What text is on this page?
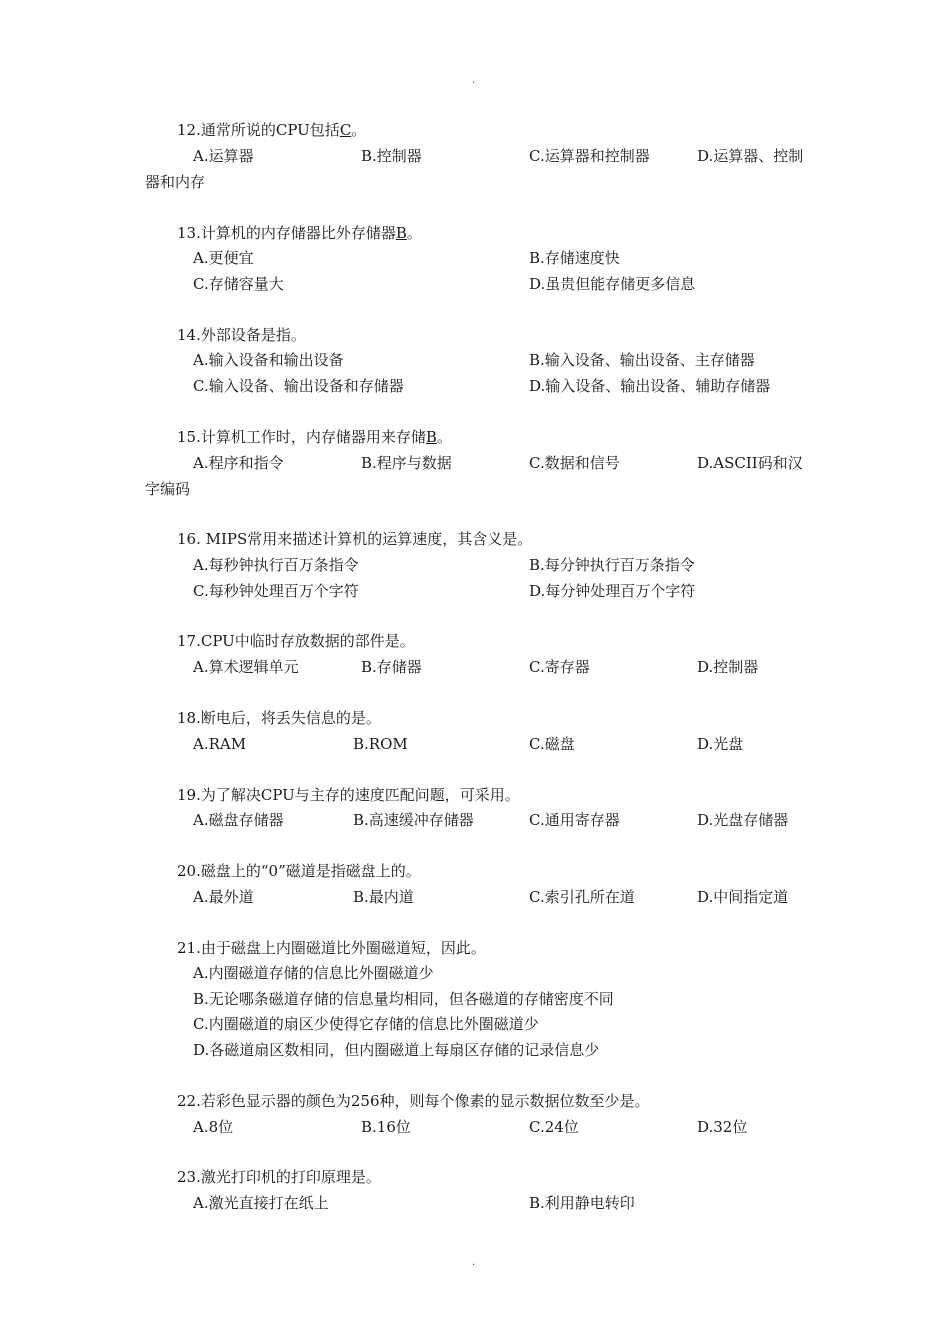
.
12.通常所说的CPU包括C。
A.运算器	B.控制器	C.运算器和控制器	D.运算器、控制
器和内存
13.计算机的内存储器比外存储器B。
A.更便宜	B.存储速度快
C.存储容量大	D.虽贵但能存储更多信息
14.外部设备是指。
A.输入设备和输出设备	B.输入设备、输出设备、主存储器
C.输入设备、输出设备和存储器	D.输入设备、输出设备、辅助存储器
15.计算机工作时，内存储器用来存储B。
A.程序和指令	B.程序与数据	C.数据和信号	D.ASCII码和汉
字编码
16. MIPS常用来描述计算机的运算速度，其含义是。
A.每秒钟执行百万条指令	B.每分钟执行百万条指令
C.每秒钟处理百万个字符	D.每分钟处理百万个字符
17.CPU中临时存放数据的部件是。
A.算术逻辑单元	B.存储器	C.寄存器	D.控制器
18.断电后，将丢失信息的是。
A.RAM	B.ROM	C.磁盘	D.光盘
19.为了解决CPU与主存的速度匹配问题，可采用。
A.磁盘存储器	B.高速缓冲存储器	C.通用寄存器	D.光盘存储器
20.磁盘上的“0”磁道是指磁盘上的。
A.最外道	B.最内道	C.索引孔所在道	D.中间指定道
21.由于磁盘上内圈磁道比外圈磁道短，因此。
A.内圈磁道存储的信息比外圈磁道少
B.无论哪条磁道存储的信息量均相同，但各磁道的存储密度不同
C.内圈磁道的扇区少使得它存储的信息比外圈磁道少
D.各磁道扇区数相同，但内圈磁道上每扇区存储的记录信息少
22.若彩色显示器的颜色为256种，则每个像素的显示数据位数至少是。
A.8位	B.16位	C.24位	D.32位
23.激光打印机的打印原理是。
A.激光直接打在纸上	B.利用静电转印
.
